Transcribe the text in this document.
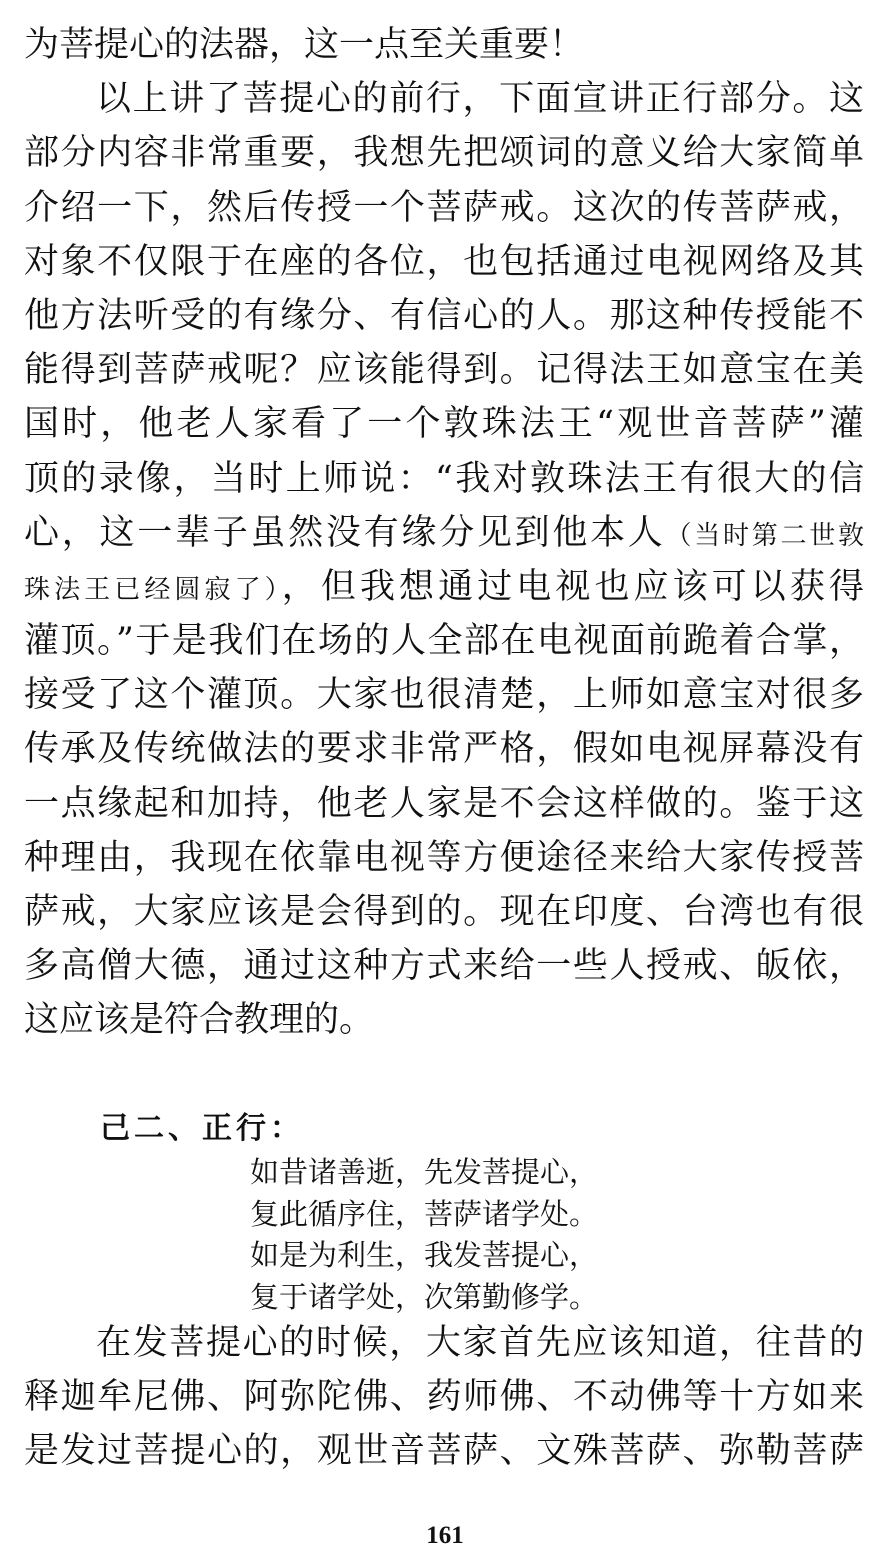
为菩提心的法器，这一点至关重要！
以上讲了菩提心的前行，下面宣讲正行部分。这
部分内容非常重要，我想先把颂词的意义给大家简单
介绍一下，然后传授一个菩萨戒。这次的传菩萨戒，
对象不仅限于在座的各位，也包括通过电视网络及其
他方法听受的有缘分、有信心的人。那这种传授能不
能得到菩萨戒呢？应该能得到。记得法王如意宝在美
国时，他老人家看了一个敦珠法王“观世音菩萨”灌
顶的录像，当时上师说：“我对敦珠法王有很大的信
心，这一辈子虽然没有缘分见到他本人（当时第二世敦
珠法王已经圆寂了），但我想通过电视也应该可以获得
灌顶。”于是我们在场的人全部在电视面前跪着合掌，
接受了这个灌顶。大家也很清楚，上师如意宝对很多
传承及传统做法的要求非常严格，假如电视屏幕没有
一点缘起和加持，他老人家是不会这样做的。鉴于这
种理由，我现在依靠电视等方便途径来给大家传授菩
萨戒，大家应该是会得到的。现在印度、台湾也有很
多高僧大德，通过这种方式来给一些人授戒、皈依，
这应该是符合教理的。
己二、正行：
如昔诸善逝，先发菩提心，
复此循序住，菩萨诸学处。
如是为利生，我发菩提心，
复于诸学处，次第勤修学。
在发菩提心的时候，大家首先应该知道，往昔的
释迦牟尼佛、阿弥陀佛、药师佛、不动佛等十方如来
是发过菩提心的，观世音菩萨、文殊菩萨、弥勒菩萨
161
